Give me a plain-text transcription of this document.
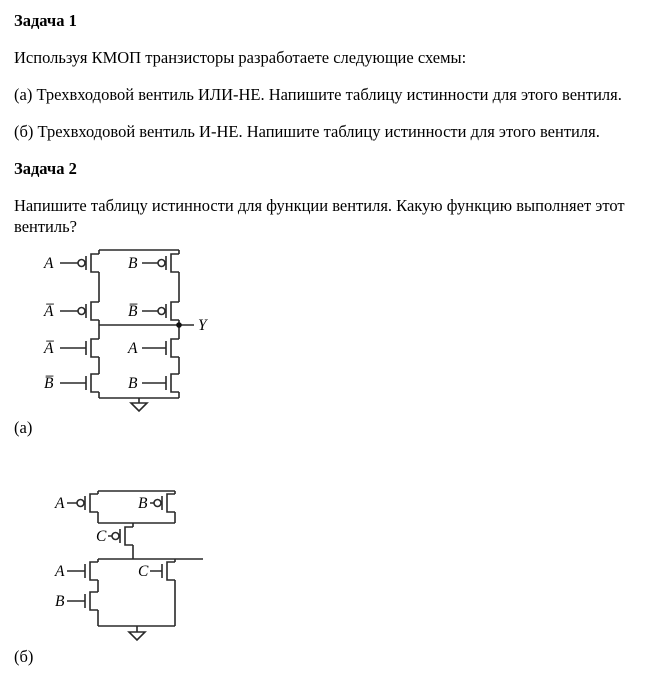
Задача 1

Используя КМОП транзисторы разработаете следующие схемы:

(а) Трехвходовой вентиль ИЛИ-НЕ. Напишите таблицу истинности для этого вентиля.

(б) Трехвходовой вентиль И-НЕ. Напишите таблицу истинности для этого вентиля.

Задача 2

Напишите таблицу истинности для функции вентиля. Какую функцию выполняет этот вентиль?

A	B
A̅	B̅
Y
A̅	A
B̅	B

(а)

A	B
C
A	C
B

(б)
